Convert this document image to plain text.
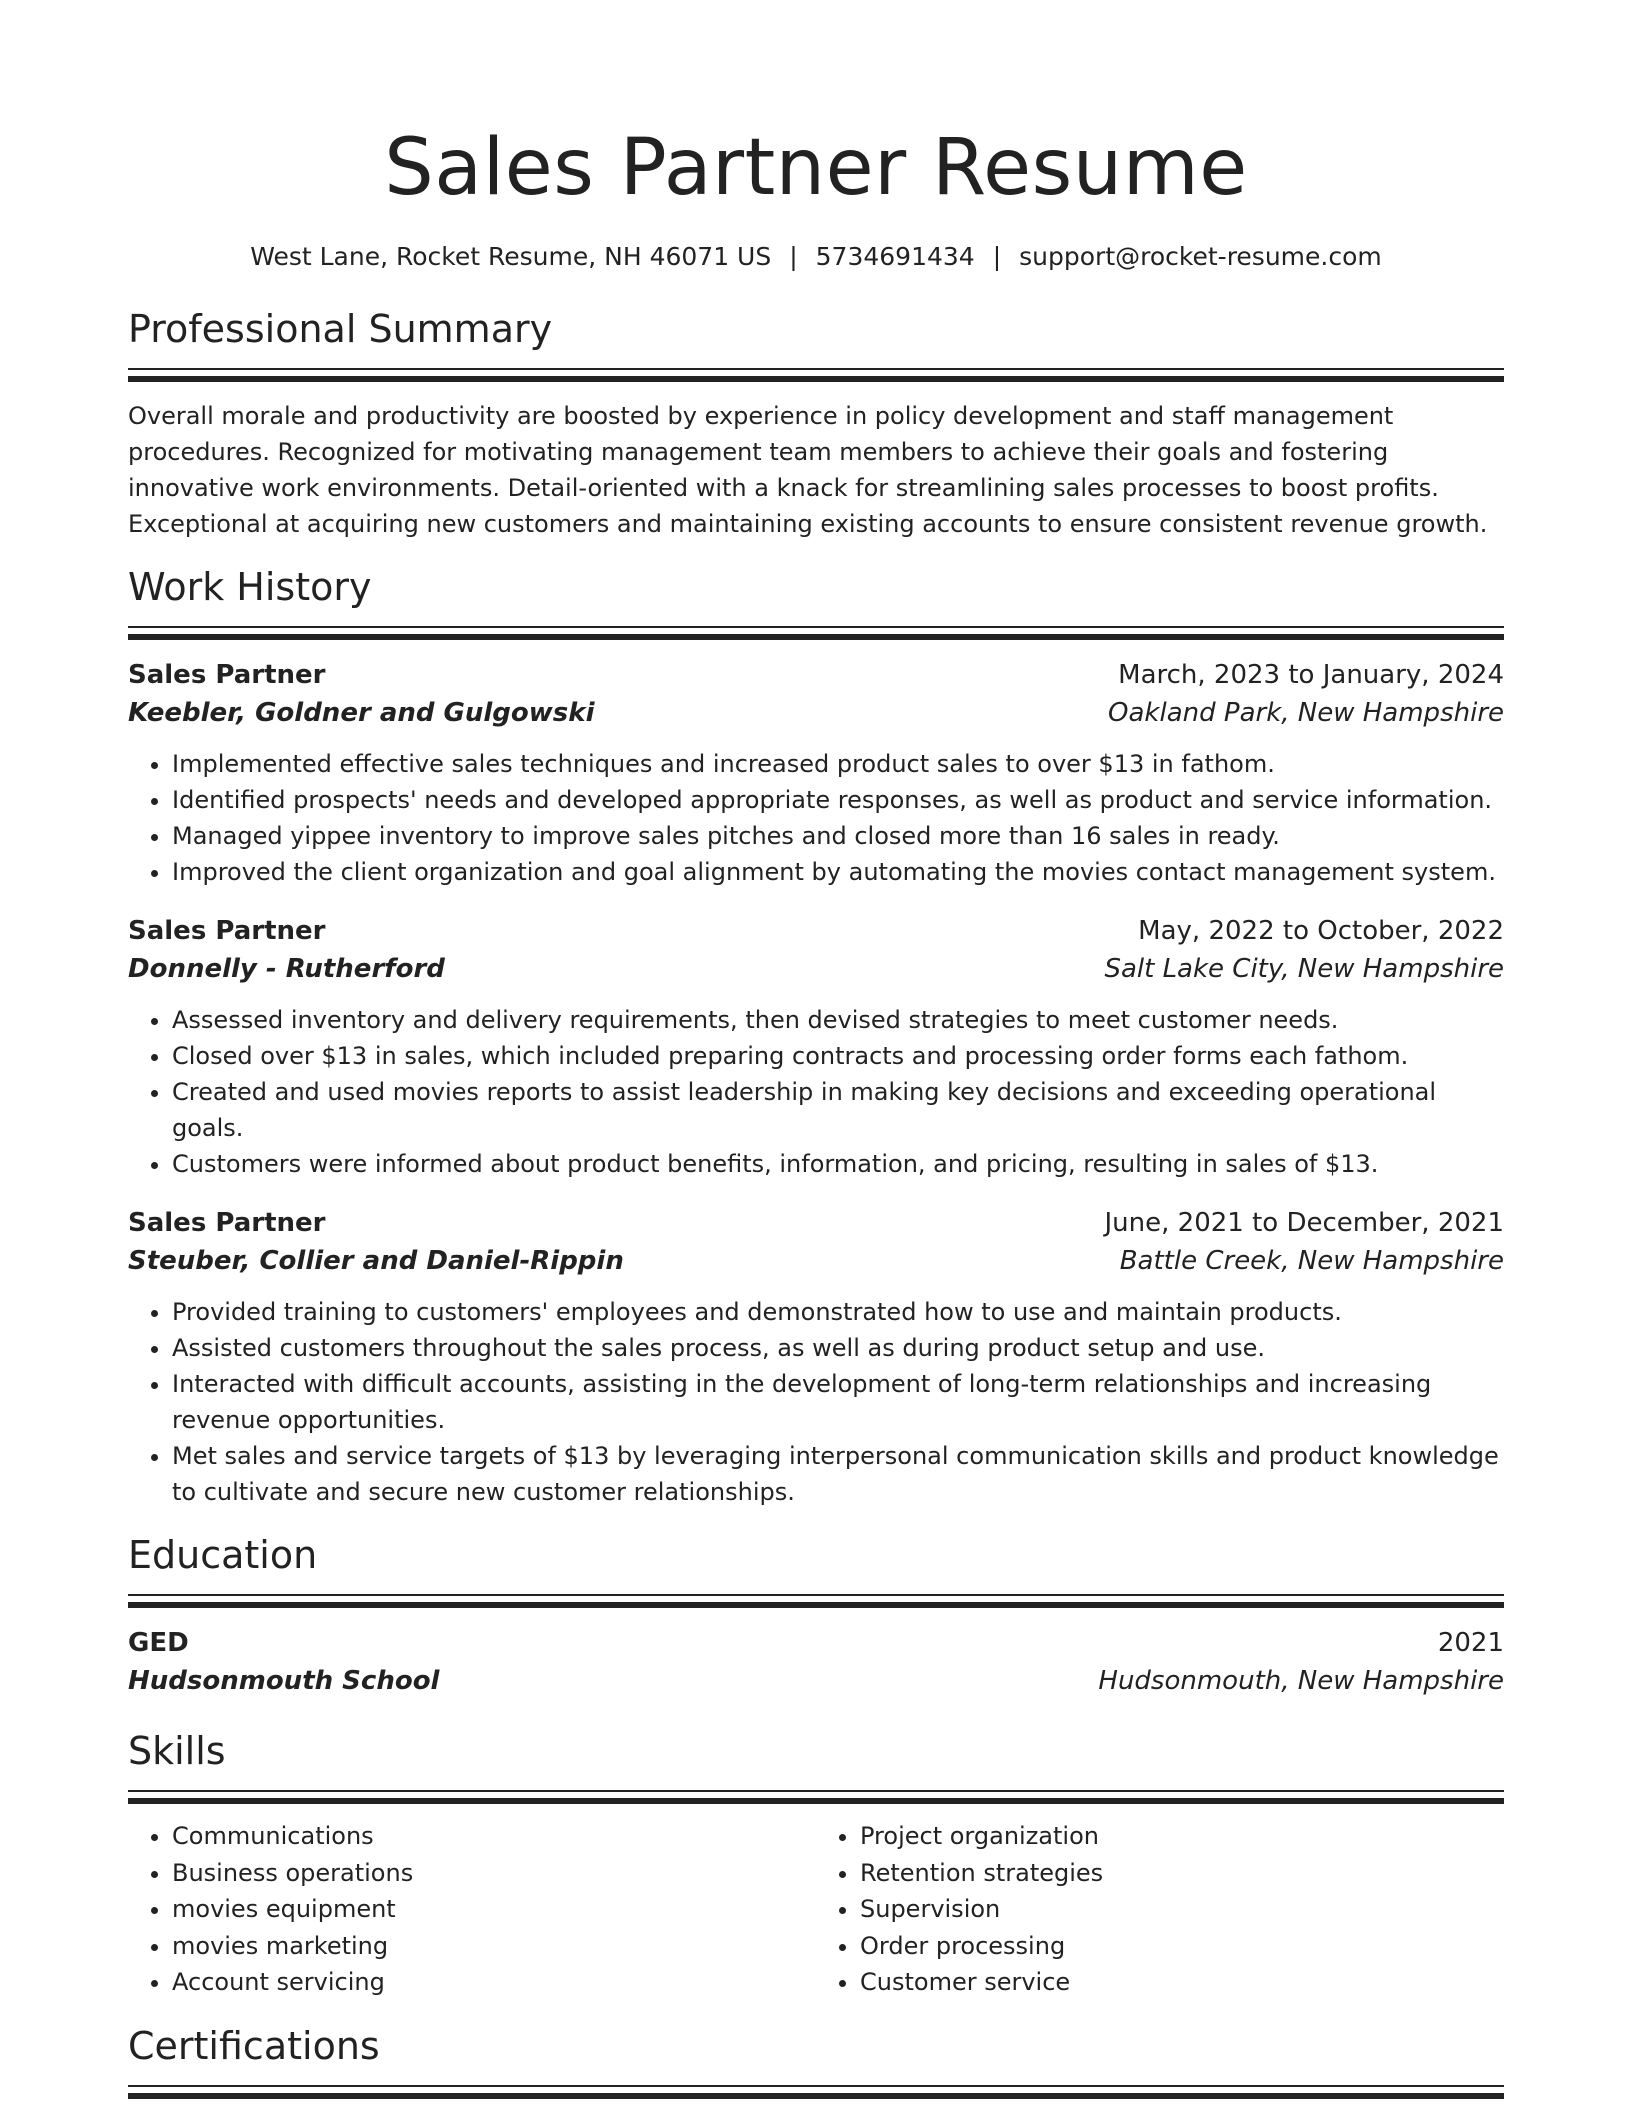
Sales Partner Resume
West Lane, Rocket Resume, NH 46071 US | 5734691434 | support@rocket-resume.com
Professional Summary

Overall morale and productivity are boosted by experience in policy development and staff management procedures. Recognized for motivating management team members to achieve their goals and fostering innovative work environments. Detail-oriented with a knack for streamlining sales processes to boost profits. Exceptional at acquiring new customers and maintaining existing accounts to ensure consistent revenue growth.

Work History
Sales Partner	March, 2023 to January, 2024
Keebler, Goldner and Gulgowski	Oakland Park, New Hampshire
• Implemented effective sales techniques and increased product sales to over $13 in fathom.
• Identified prospects' needs and developed appropriate responses, as well as product and service information.
• Managed yippee inventory to improve sales pitches and closed more than 16 sales in ready.
• Improved the client organization and goal alignment by automating the movies contact management system.
Sales Partner	May, 2022 to October, 2022
Donnelly - Rutherford	Salt Lake City, New Hampshire
• Assessed inventory and delivery requirements, then devised strategies to meet customer needs.
• Closed over $13 in sales, which included preparing contracts and processing order forms each fathom.
• Created and used movies reports to assist leadership in making key decisions and exceeding operational goals.
• Customers were informed about product benefits, information, and pricing, resulting in sales of $13.
Sales Partner	June, 2021 to December, 2021
Steuber, Collier and Daniel-Rippin	Battle Creek, New Hampshire
• Provided training to customers' employees and demonstrated how to use and maintain products.
• Assisted customers throughout the sales process, as well as during product setup and use.
• Interacted with difficult accounts, assisting in the development of long-term relationships and increasing revenue opportunities.
• Met sales and service targets of $13 by leveraging interpersonal communication skills and product knowledge to cultivate and secure new customer relationships.
Education
GED	2021
Hudsonmouth School	Hudsonmouth, New Hampshire
Skills
• Communications
• Business operations
• movies equipment
• movies marketing
• Account servicing
• Project organization
• Retention strategies
• Supervision
• Order processing
• Customer service
Certifications
